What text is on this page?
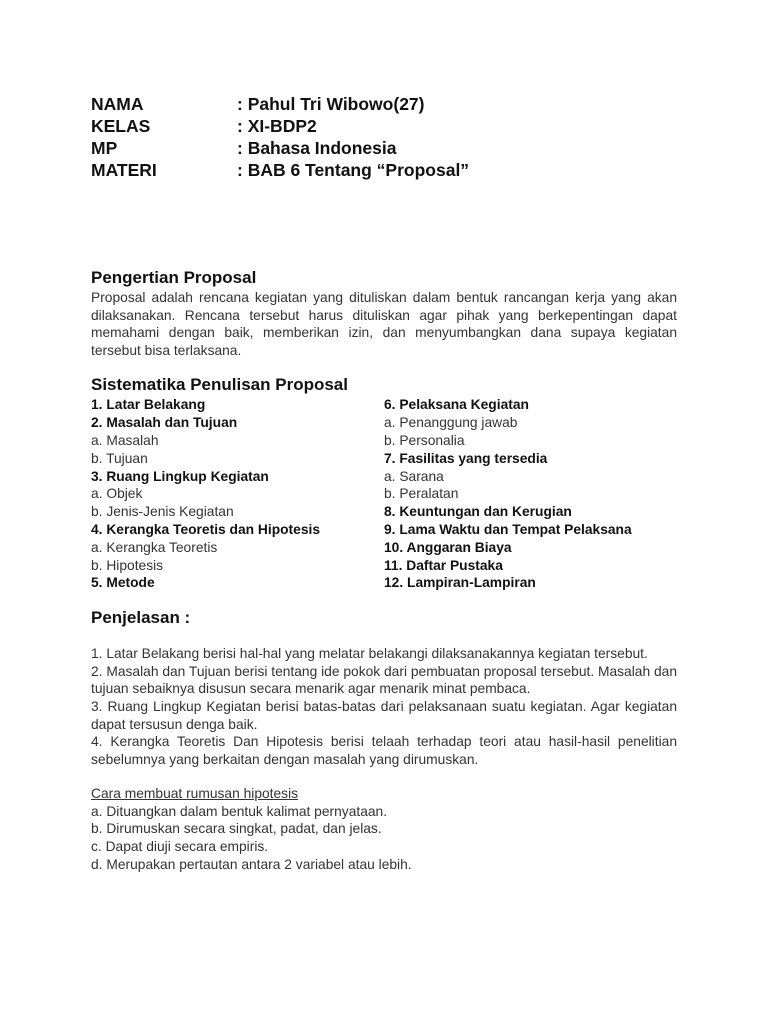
NAMA	: Pahul Tri Wibowo(27)
KELAS	: XI-BDP2
MP	: Bahasa Indonesia
MATERI	: BAB 6 Tentang “Proposal”
Pengertian Proposal

Proposal adalah rencana kegiatan yang dituliskan dalam bentuk rancangan kerja yang akan dilaksanakan. Rencana tersebut harus dituliskan agar pihak yang berkepentingan dapat memahami dengan baik, memberikan izin, dan menyumbangkan dana supaya kegiatan tersebut bisa terlaksana.

Sistematika Penulisan Proposal
1. Latar Belakang
2. Masalah dan Tujuan
a. Masalah
b. Tujuan
3. Ruang Lingkup Kegiatan
a. Objek
b. Jenis-Jenis Kegiatan
4. Kerangka Teoretis dan Hipotesis
a. Kerangka Teoretis
b. Hipotesis
5. Metode
6. Pelaksana Kegiatan
a. Penanggung jawab
b. Personalia
7. Fasilitas yang tersedia
a. Sarana
b. Peralatan
8. Keuntungan dan Kerugian
9. Lama Waktu dan Tempat Pelaksana
10. Anggaran Biaya
11. Daftar Pustaka
12. Lampiran-Lampiran
Penjelasan :

1. Latar Belakang berisi hal-hal yang melatar belakangi dilaksanakannya kegiatan tersebut.

2. Masalah dan Tujuan berisi tentang ide pokok dari pembuatan proposal tersebut. Masalah dan tujuan sebaiknya disusun secara menarik agar menarik minat pembaca.

3. Ruang Lingkup Kegiatan berisi batas-batas dari pelaksanaan suatu kegiatan. Agar kegiatan dapat tersusun denga baik.

4. Kerangka Teoretis Dan Hipotesis berisi telaah terhadap teori atau hasil-hasil penelitian sebelumnya yang berkaitan dengan masalah yang dirumuskan.

Cara membuat rumusan hipotesis

a. Dituangkan dalam bentuk kalimat pernyataan.

b. Dirumuskan secara singkat, padat, dan jelas.

c. Dapat diuji secara empiris.

d. Merupakan pertautan antara 2 variabel atau lebih.
